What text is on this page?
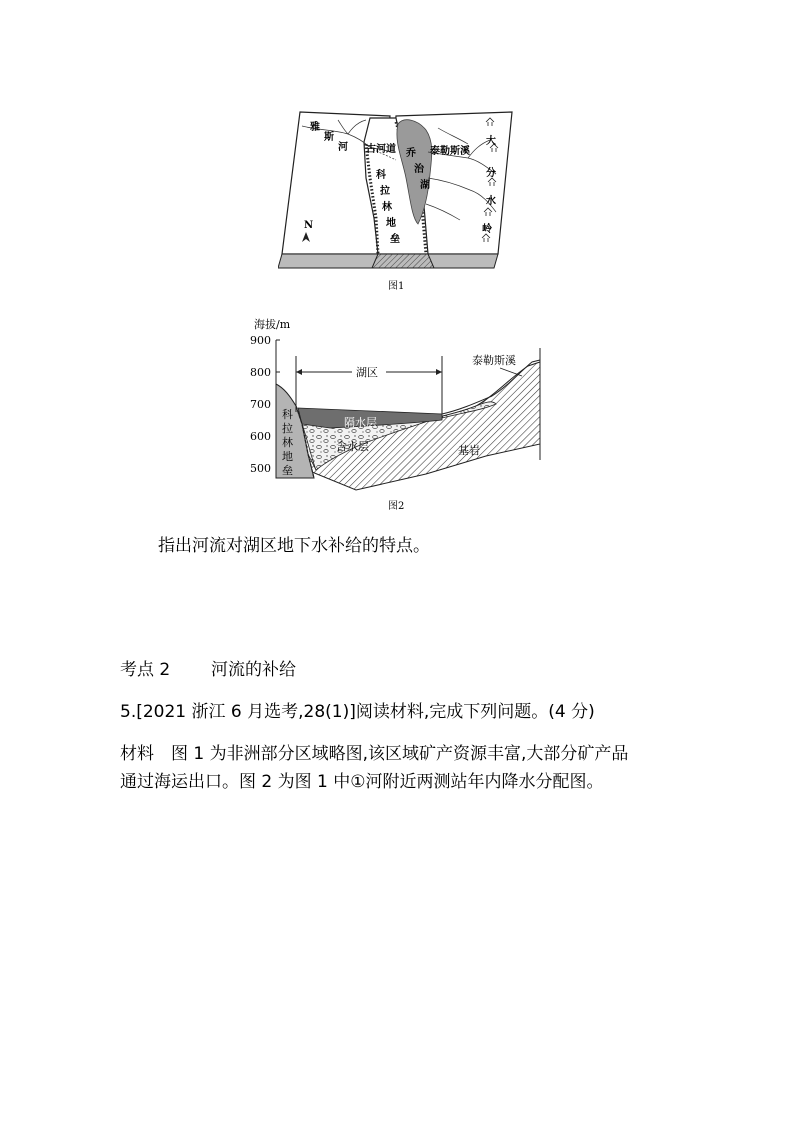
N
雅
斯
河 古河道
科
拉
林
地
垒
乔
治
湖
泰勒斯溪
大
分
水
岭
图1
海拔/m
900
800
700
600
500
湖区
泰勒斯溪
隔水层
含水层	基岩
科
拉
林
地
垒
图2
指出河流对湖区地下水补给的特点。
考点 2 河流的补给
5.[2021 浙江 6 月选考,28(1)]阅读材料,完成下列问题。(4 分)
材料　图 1 为非洲部分区域略图,该区域矿产资源丰富,大部分矿产品
通过海运出口。图 2 为图 1 中①河附近两测站年内降水分配图。
